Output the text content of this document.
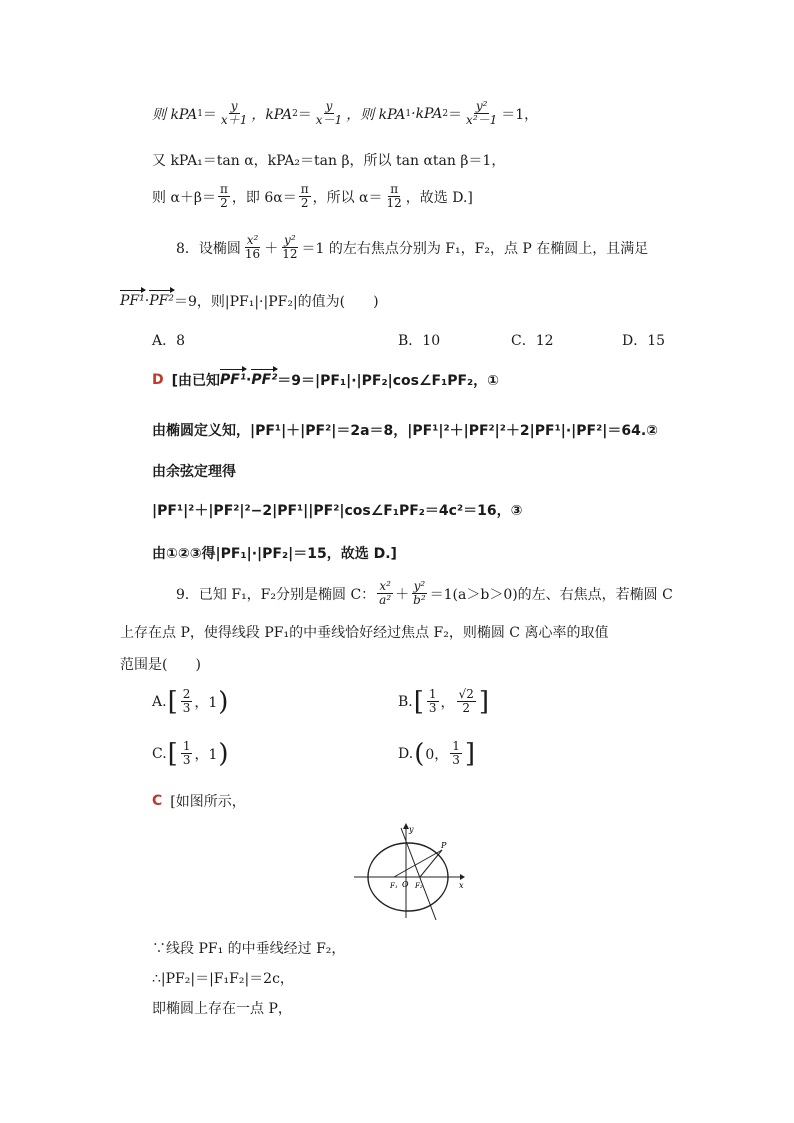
则 kPA $1 = \frac{y}{x+1}$ ，kPA $2 = \frac{y}{x-1}$ ，则 kPA 1 ·kPA $2 = \frac{\text{y²}}{\text{x²－1}} =1$，
又 kPA₁＝tan α，kPA₂＝tan β，所以 tan αtan β＝1，
则 $\alpha+\beta= \frac{\pi}{2}$ ，即 $6\alpha= \frac{\pi}{2}$ ，所以 $\alpha= \frac{\pi}{12}$ ，故选 D.]
8．设椭圆 $\frac{\text{x²}}{16} + \frac{\text{y²}}{12} =1$ 的左右焦点分别为 F₁，F₂，点 P 在椭圆上，且满足
PF¹ · PF² ＝9，则|PF₁|·|PF₂|的值为(　　)
A．8	B．10	C．12	D．15
D [由已知 PF¹ · PF² ＝9＝|PF₁|·|PF₂|cos∠F₁PF₂，①
由椭圆定义知，|PF¹|＋|PF²|＝2a＝8，|PF¹|²＋|PF²|²＋2|PF¹|·|PF²|＝64.②
由余弦定理得
|PF¹|²＋|PF²|²−2|PF¹||PF²|cos∠F₁PF₂＝4c²＝16，③
由①②③得|PF₁|·|PF₂|＝15，故选 D.]
9．已知 F₁，F₂分别是椭圆 C： $\frac{\text{x²}}{\text{a²}} + \frac{\text{y²}}{\text{b²}} =1(a>b>0)$的左、右焦点，若椭圆 C
上存在点 P，使得线段 PF₁的中垂线恰好经过焦点 F₂，则椭圆 C 离心率的取值
范围是(　　)
A. [ $\frac{2}{3}$ ，1 )	B. [ $\frac{1}{3}$ ， $\frac{√2}{2}$ ]
C. [ $\frac{1}{3}$ ，1 )	D. ( 0， $\frac{1}{3}$ ]
C [如图所示，
y
x
P
F₁ O F₂
∵线段 PF₁ 的中垂线经过 F₂，
∴|PF₂|＝|F₁F₂|＝2c，
即椭圆上存在一点 P，
